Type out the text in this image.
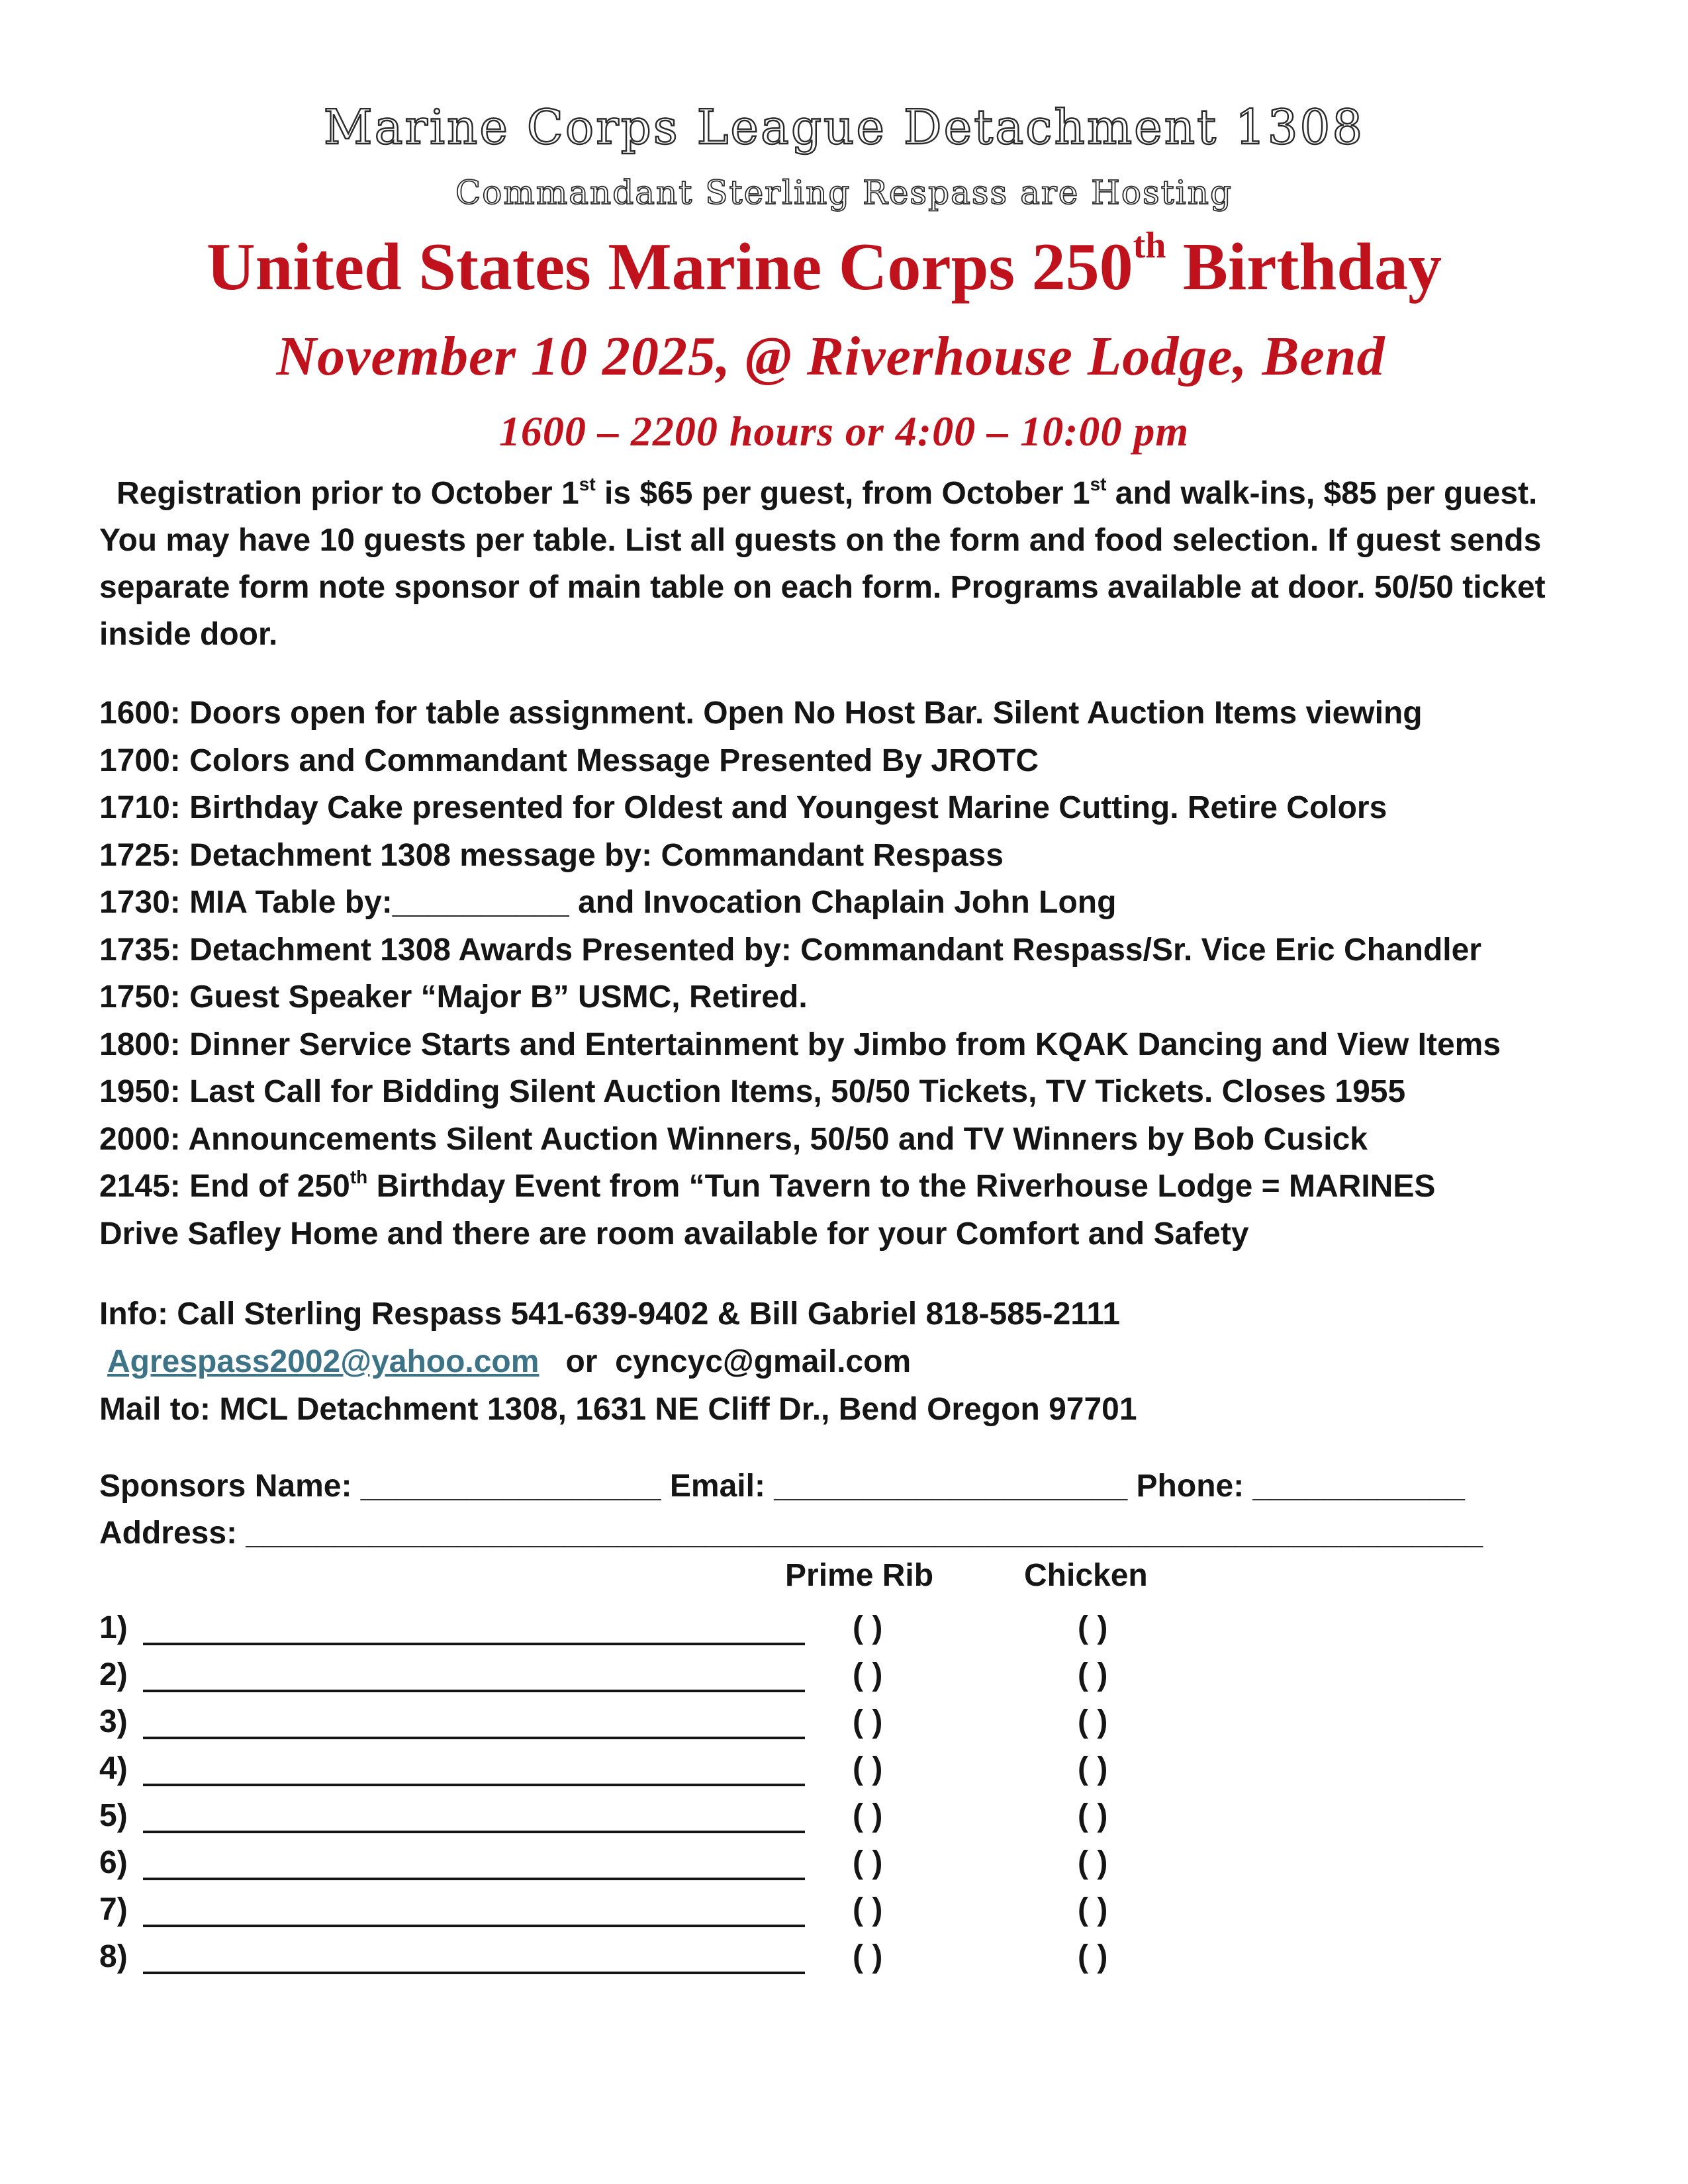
Marine Corps League Detachment 1308
Commandant Sterling Respass are Hosting
United States Marine Corps 250th Birthday
November 10 2025, @ Riverhouse Lodge, Bend
1600 – 2200 hours or 4:00 – 10:00 pm
Registration prior to October 1st is $65 per guest, from October 1st and walk-ins, $85 per guest. You may have 10 guests per table. List all guests on the form and food selection. If guest sends separate form note sponsor of main table on each form. Programs available at door. 50/50 ticket inside door.
1600: Doors open for table assignment. Open No Host Bar. Silent Auction Items viewing
1700: Colors and Commandant Message Presented By JROTC
1710: Birthday Cake presented for Oldest and Youngest Marine Cutting. Retire Colors
1725: Detachment 1308 message by: Commandant Respass
1730: MIA Table by:__________ and Invocation Chaplain John Long
1735: Detachment 1308 Awards Presented by: Commandant Respass/Sr. Vice Eric Chandler
1750: Guest Speaker “Major B” USMC, Retired.
1800: Dinner Service Starts and Entertainment by Jimbo from KQAK Dancing and View Items
1950: Last Call for Bidding Silent Auction Items, 50/50 Tickets, TV Tickets. Closes 1955
2000: Announcements Silent Auction Winners, 50/50 and TV Winners by Bob Cusick
2145: End of 250th Birthday Event from “Tun Tavern to the Riverhouse Lodge = MARINES
Drive Safley Home and there are room available for your Comfort and Safety
Info: Call Sterling Respass 541-639-9402 & Bill Gabriel 818-585-2111
Agrespass2002@yahoo.com or cyncyc@gmail.com
Mail to: MCL Detachment 1308, 1631 NE Cliff Dr., Bend Oregon 97701
Sponsors Name: _________________ Email: ____________________ Phone: ____________
Address: ______________________________________________________________________
Prime Rib	Chicken
1)	( )	( )
2)	( )	( )
3)	( )	( )
4)	( )	( )
5)	( )	( )
6)	( )	( )
7)	( )	( )
8)	( )	( )
